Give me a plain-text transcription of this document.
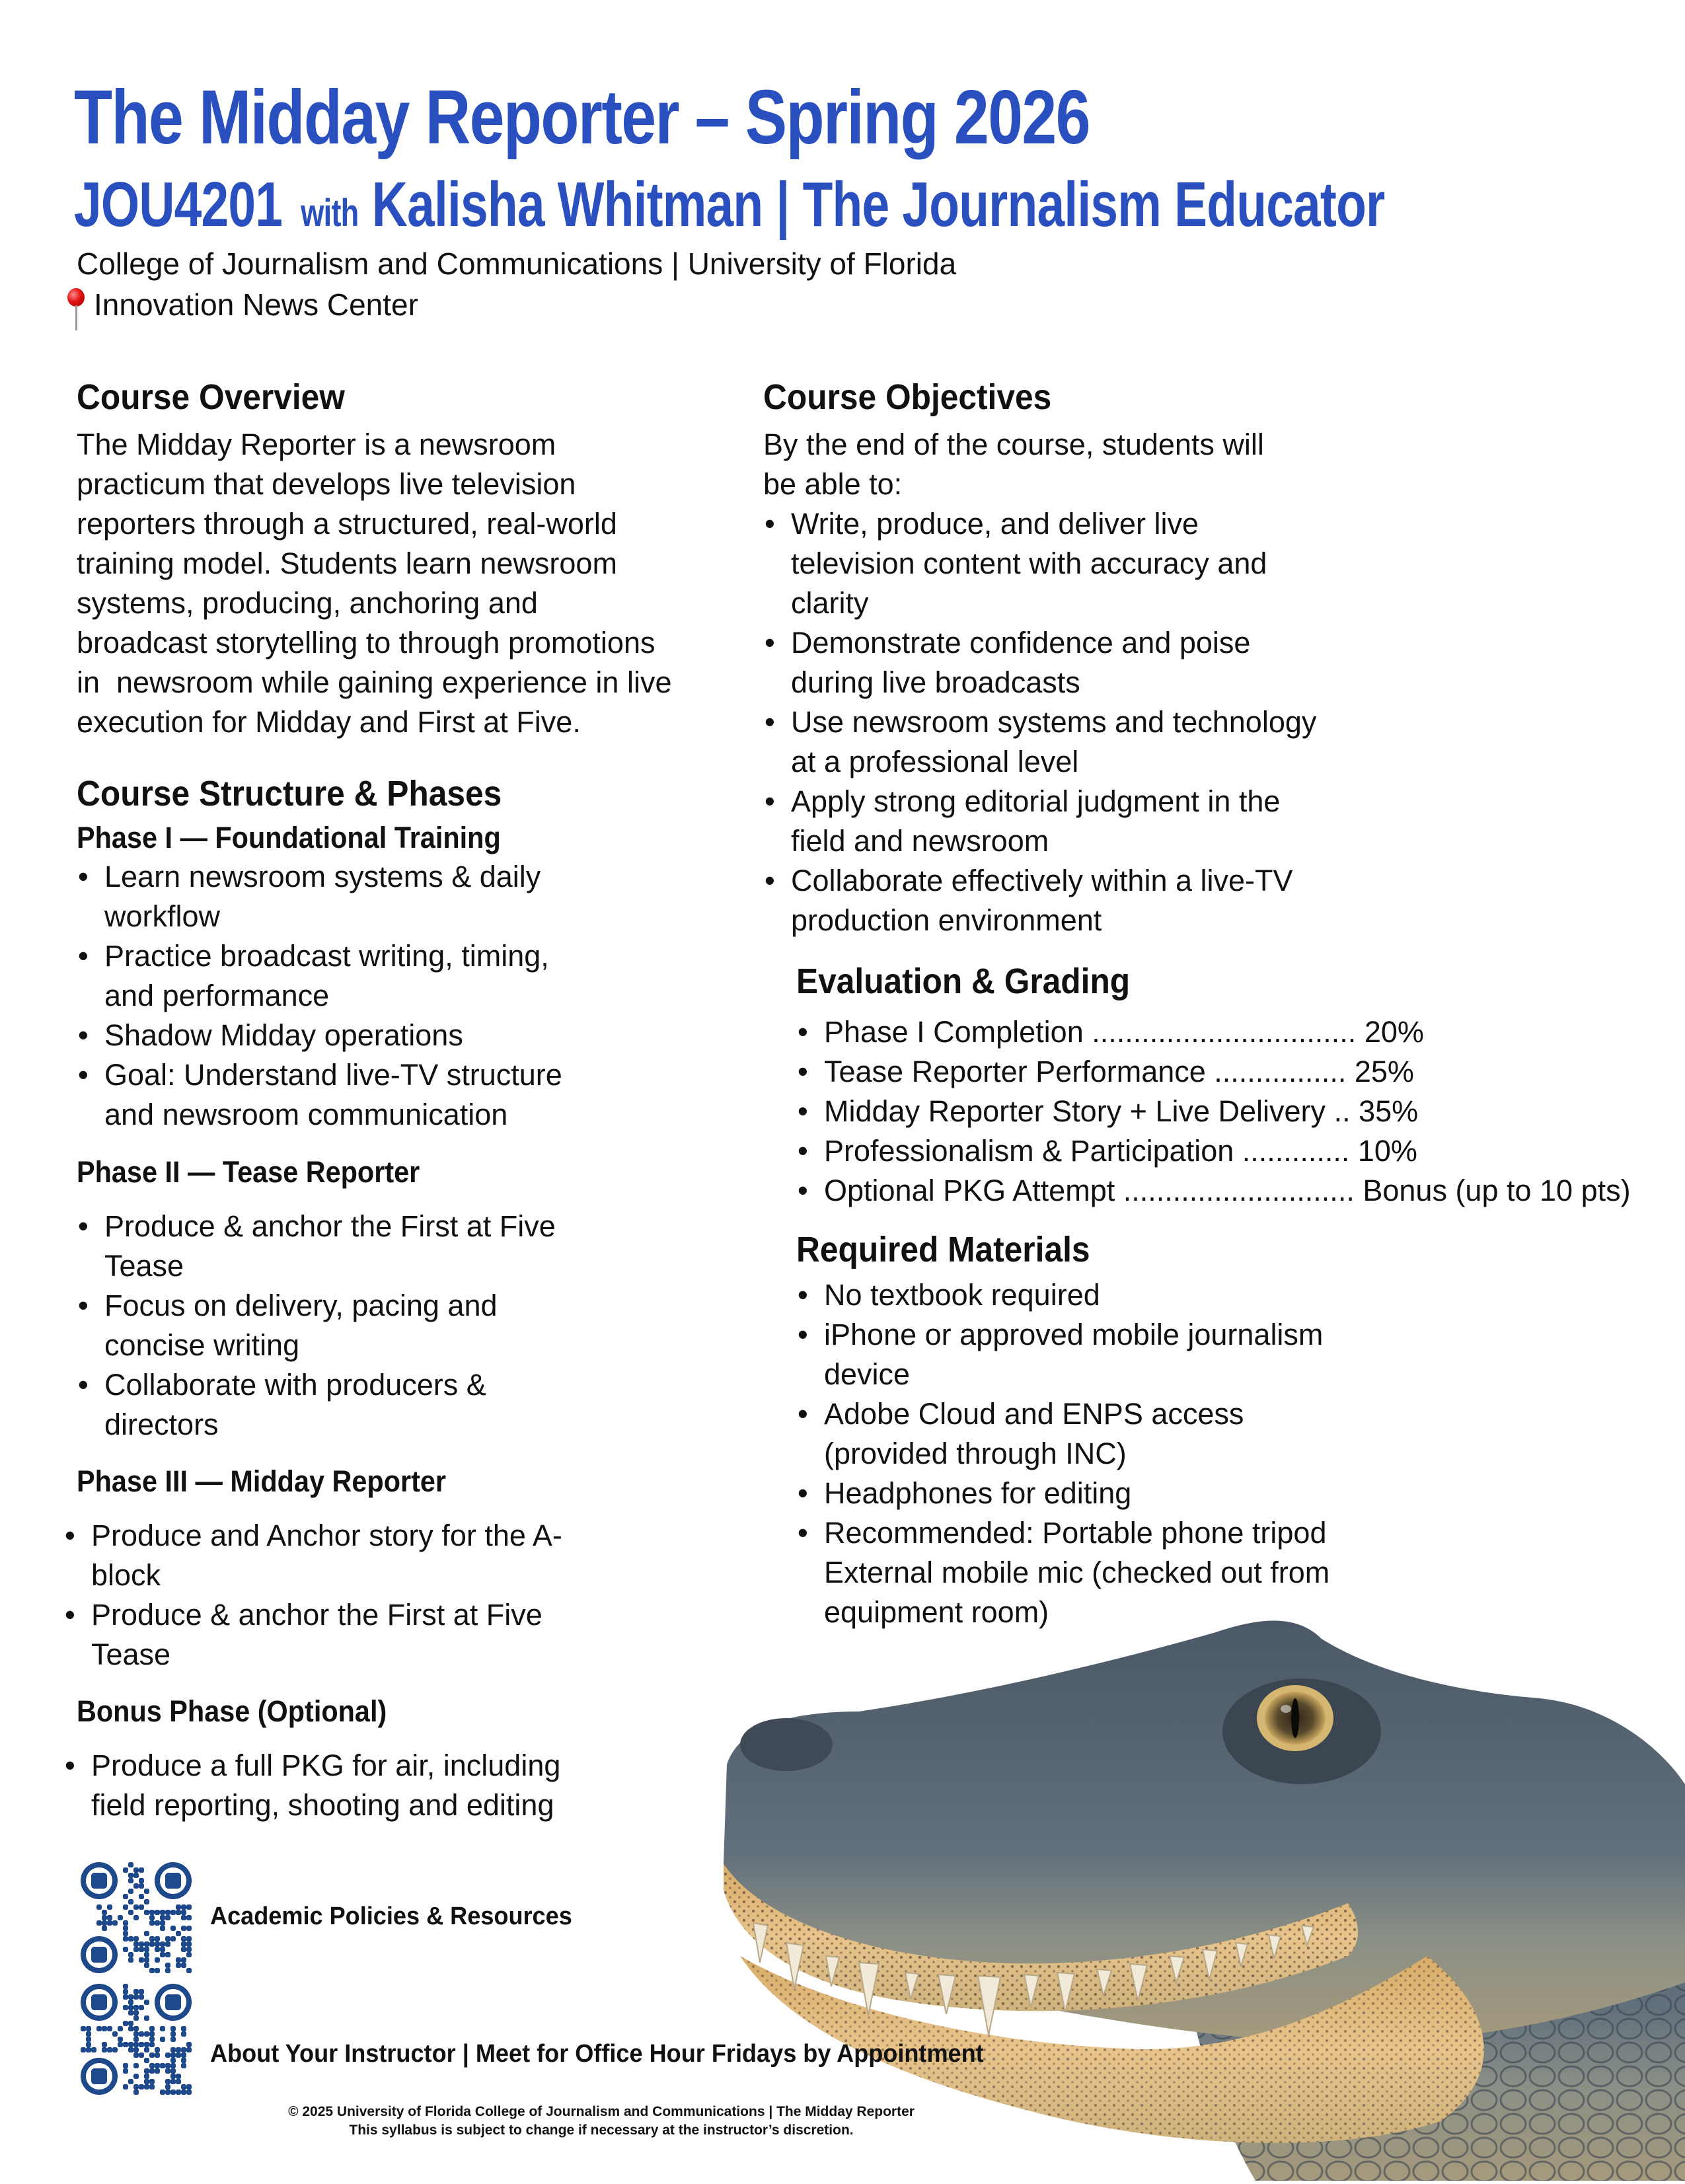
The Midday Reporter – Spring 2026
JOU4201 with Kalisha Whitman | The Journalism Educator
College of Journalism and Communications | University of Florida
Innovation News Center
Course Overview
The Midday Reporter is a newsroom
practicum that develops live television
reporters through a structured, real-world
training model. Students learn newsroom
systems, producing, anchoring and
broadcast storytelling to through promotions
in  newsroom while gaining experience in live
execution for Midday and First at Five.
Course Structure & Phases
Phase I — Foundational Training
• Learn newsroom systems & daily workflow
• Practice broadcast writing, timing, and performance
• Shadow Midday operations
• Goal: Understand live-TV structure and newsroom communication
Phase II — Tease Reporter
• Produce & anchor the First at Five Tease
• Focus on delivery, pacing and concise writing
• Collaborate with producers & directors
Phase III — Midday Reporter
• Produce and Anchor story for the A-block
• Produce & anchor the First at Five Tease
Bonus Phase (Optional)
• Produce a full PKG for air, including field reporting, shooting and editing
Course Objectives
By the end of the course, students will be able to:
• Write, produce, and deliver live television content with accuracy and clarity
• Demonstrate confidence and poise during live broadcasts
• Use newsroom systems and technology at a professional level
• Apply strong editorial judgment in the field and newsroom
• Collaborate effectively within a live-TV production environment
Evaluation & Grading
• Phase I Completion ................................ 20%
• Tease Reporter Performance ................ 25%
• Midday Reporter Story + Live Delivery .. 35%
• Professionalism & Participation ............. 10%
• Optional PKG Attempt ............................ Bonus (up to 10 pts)
Required Materials
• No textbook required
• iPhone or approved mobile journalism device
• Adobe Cloud and ENPS access (provided through INC)
• Headphones for editing
• Recommended: Portable phone tripod External mobile mic (checked out from equipment room)
Academic Policies & Resources
About Your Instructor | Meet for Office Hour Fridays by Appointment
© 2025 University of Florida College of Journalism and Communications | The Midday Reporter
This syllabus is subject to change if necessary at the instructor’s discretion.
